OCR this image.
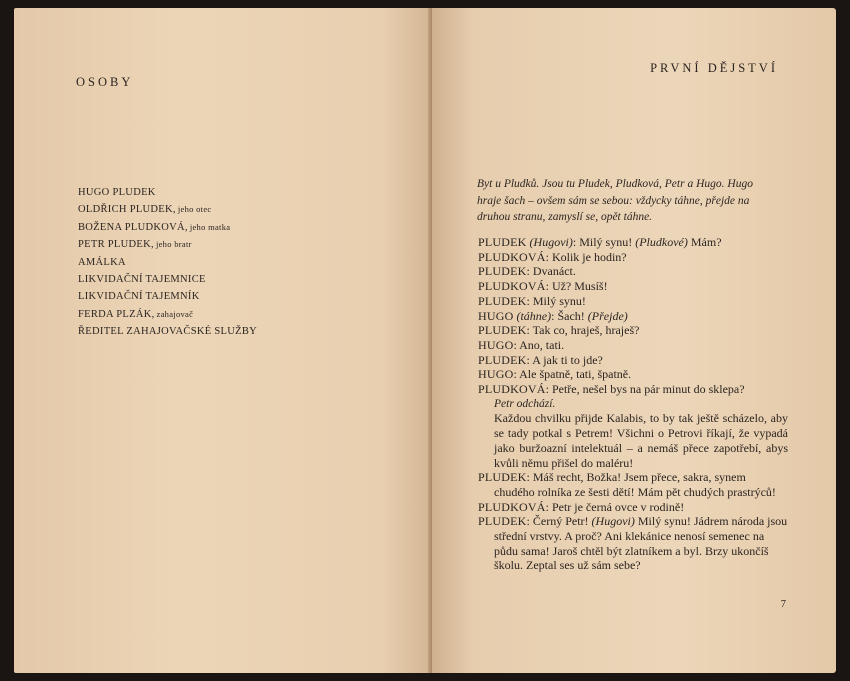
OSOBY
HUGO PLUDEK
OLDŘICH PLUDEK, jeho otec
BOŽENA PLUDKOVÁ, jeho matka
PETR PLUDEK, jeho bratr
AMÁLKA
LIKVIDAČNÍ TAJEMNICE
LIKVIDAČNÍ TAJEMNÍK
FERDA PLZÁK, zahajovač
ŘEDITEL ZAHAJOVAČSKÉ SLUŽBY
PRVNÍ DĚJSTVÍ
Byt u Pludků. Jsou tu Pludek, Pludková, Petr a Hugo. Hugo hraje šach – ovšem sám se sebou: vždycky táhne, přejde na druhou stranu, zamyslí se, opět táhne.

PLUDEK (Hugovi): Milý synu! (Pludkové) Mám?

PLUDKOVÁ: Kolik je hodin?

PLUDEK: Dvanáct.

PLUDKOVÁ: Už? Musíš!

PLUDEK: Milý synu!

HUGO (táhne): Šach! (Přejde)

PLUDEK: Tak co, hraješ, hraješ?

HUGO: Ano, tati.

PLUDEK: A jak ti to jde?

HUGO: Ale špatně, tati, špatně.

PLUDKOVÁ: Petře, nešel bys na pár minut do sklepa?

Petr odchází.

Každou chvilku přijde Kalabis, to by tak ještě scházelo, aby se tady potkal s Petrem! Všichni o Petrovi říkají, že vypadá jako buržoazní intelektuál – a nemáš přece zapotřebí, abys kvůli němu přišel do maléru!

PLUDEK: Máš recht, Božka! Jsem přece, sakra, synem chudého rolníka ze šesti dětí! Mám pět chudých prastrýců!

PLUDKOVÁ: Petr je černá ovce v rodině!

PLUDEK: Černý Petr! (Hugovi) Milý synu! Jádrem národa jsou střední vrstvy. A proč? Ani klekánice nenosí semenec na půdu sama! Jaroš chtěl být zlatníkem a byl. Brzy ukončíš školu. Zeptal ses už sám sebe?

7
